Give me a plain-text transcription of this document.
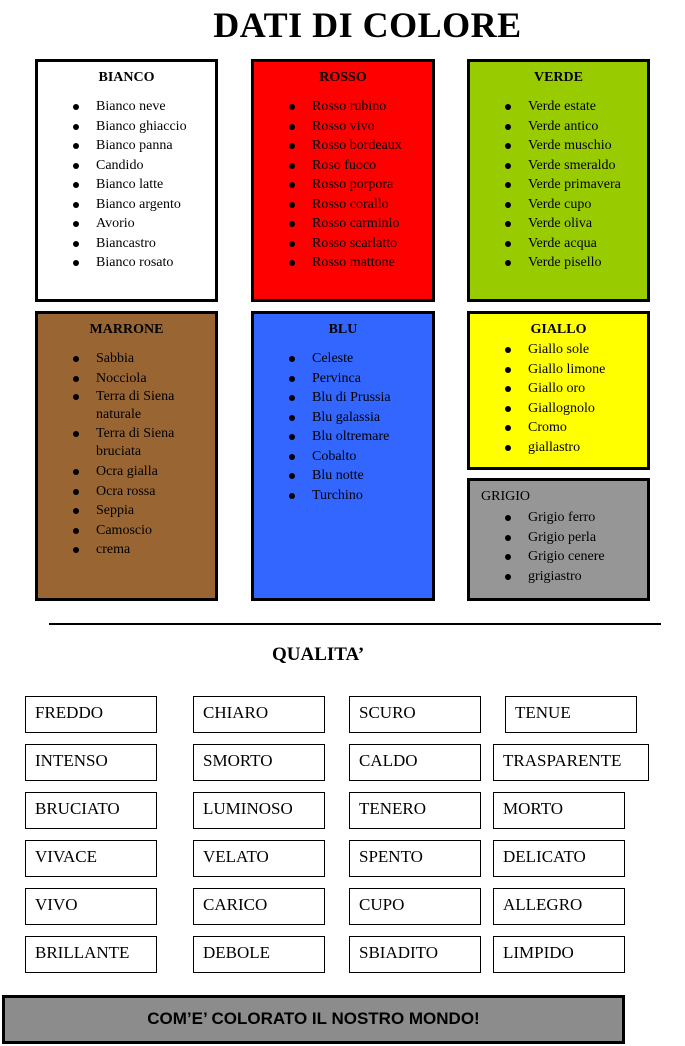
DATI DI COLORE
BIANCO
Bianco neve
Bianco ghiaccio
Bianco panna
Candido
Bianco latte
Bianco argento
Avorio
Biancastro
Bianco rosato
ROSSO
Rosso rubino
Rosso vivo
Rosso bordeaux
Roso fuoco
Rosso porpora
Rosso corallo
Rosso carminio
Rosso scarlatto
Rosso mattone
VERDE
Verde estate
Verde antico
Verde muschio
Verde smeraldo
Verde primavera
Verde cupo
Verde oliva
Verde acqua
Verde pisello
MARRONE
Sabbia
Nocciola
Terra di Siena naturale
Terra di Siena bruciata
Ocra gialla
Ocra rossa
Seppia
Camoscio
crema
BLU
Celeste
Pervinca
Blu di Prussia
Blu galassia
Blu oltremare
Cobalto
Blu notte
Turchino
GIALLO
Giallo sole
Giallo limone
Giallo oro
Giallognolo
Cromo
giallastro
GRIGIO
Grigio ferro
Grigio perla
Grigio cenere
grigiastro
QUALITA’
FREDDO	CHIARO	SCURO	TENUE
INTENSO	SMORTO	CALDO	TRASPARENTE
BRUCIATO	LUMINOSO	TENERO	MORTO
VIVACE	VELATO	SPENTO	DELICATO
VIVO	CARICO	CUPO	ALLEGRO
BRILLANTE	DEBOLE	SBIADITO	LIMPIDO
COM’E’ COLORATO IL NOSTRO MONDO!
